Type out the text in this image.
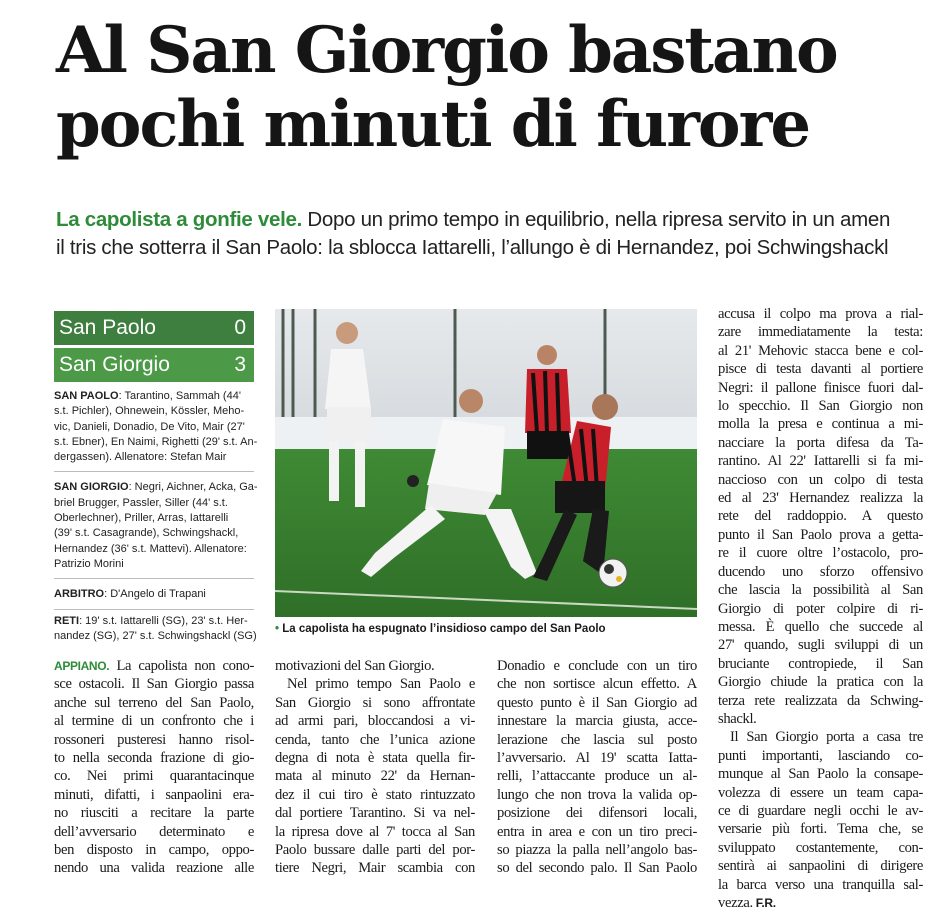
Al San Giorgio bastano
pochi minuti di furore
La capolista a gonfie vele. Dopo un primo tempo in equilibrio, nella ripresa servito in un amen
il tris che sotterra il San Paolo: la sblocca Iattarelli, l’allungo è di Hernandez, poi Schwingshackl
San Paolo	0
San Giorgio	3
SAN PAOLO: Tarantino, Sammah (44'
s.t. Pichler), Ohnewein, Kössler, Meho-
vic, Danieli, Donadio, De Vito, Mair (27'
s.t. Ebner), En Naimi, Righetti (29' s.t. An-
dergassen). Allenatore: Stefan Mair
SAN GIORGIO: Negri, Aichner, Acka, Ga-
briel Brugger, Passler, Siller (44' s.t.
Oberlechner), Priller, Arras, Iattarelli
(39' s.t. Casagrande), Schwingshackl,
Hernandez (36' s.t. Mattevi). Allenatore:
Patrizio Morini
ARBITRO: D'Angelo di Trapani
RETI: 19' s.t. Iattarelli (SG), 23' s.t. Her-
nandez (SG), 27' s.t. Schwingshackl (SG)
• La capolista ha espugnato l’insidioso campo del San Paolo
APPIANO. La capolista non cono-
sce ostacoli. Il San Giorgio passa
anche sul terreno del San Paolo,
al termine di un confronto che i
rossoneri pusteresi hanno risol-
to nella seconda frazione di gio-
co. Nei primi quarantacinque
minuti, difatti, i sanpaolini era-
no riusciti a recitare la parte
dell’avversario determinato e
ben disposto in campo, oppo-
nendo una valida reazione alle
motivazioni del San Giorgio.
Nel primo tempo San Paolo e
San Giorgio si sono affrontate
ad armi pari, bloccandosi a vi-
cenda, tanto che l’unica azione
degna di nota è stata quella fir-
mata al minuto 22' da Hernan-
dez il cui tiro è stato rintuzzato
dal portiere Tarantino. Si va nel-
la ripresa dove al 7' tocca al San
Paolo bussare dalle parti del por-
tiere Negri, Mair scambia con
Donadio e conclude con un tiro
che non sortisce alcun effetto. A
questo punto è il San Giorgio ad
innestare la marcia giusta, acce-
lerazione che lascia sul posto
l’avversario. Al 19' scatta Iatta-
relli, l’attaccante produce un al-
lungo che non trova la valida op-
posizione dei difensori locali,
entra in area e con un tiro preci-
so piazza la palla nell’angolo bas-
so del secondo palo. Il San Paolo
accusa il colpo ma prova a rial-
zare immediatamente la testa:
al 21' Mehovic stacca bene e col-
pisce di testa davanti al portiere
Negri: il pallone finisce fuori dal-
lo specchio. Il San Giorgio non
molla la presa e continua a mi-
nacciare la porta difesa da Ta-
rantino. Al 22' Iattarelli si fa mi-
naccioso con un colpo di testa
ed al 23' Hernandez realizza la
rete del raddoppio. A questo
punto il San Paolo prova a getta-
re il cuore oltre l’ostacolo, pro-
ducendo uno sforzo offensivo
che lascia la possibilità al San
Giorgio di poter colpire di ri-
messa. È quello che succede al
27' quando, sugli sviluppi di un
bruciante contropiede, il San
Giorgio chiude la pratica con la
terza rete realizzata da Schwing-
shackl.
Il San Giorgio porta a casa tre
punti importanti, lasciando co-
munque al San Paolo la consape-
volezza di essere un team capa-
ce di guardare negli occhi le av-
versarie più forti. Tema che, se
sviluppato costantemente, con-
sentirà ai sanpaolini di dirigere
la barca verso una tranquilla sal-
vezza. F.R.
